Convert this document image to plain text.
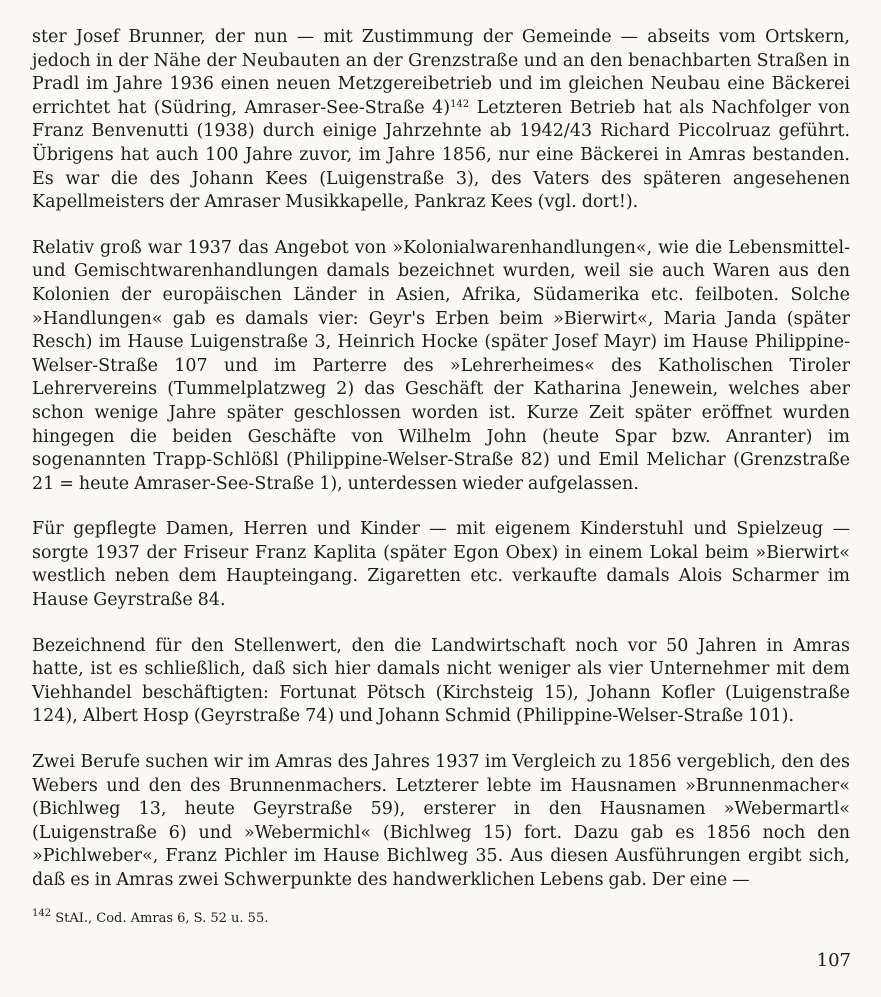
ster Josef Brunner, der nun — mit Zustimmung der Gemeinde — abseits vom Ortskern, jedoch in der Nähe der Neubauten an der Grenzstraße und an den benachbarten Straßen in Pradl im Jahre 1936 einen neuen Metzgereibetrieb und im gleichen Neubau eine Bäckerei errichtet hat (Südring, Amraser-See-Straße 4)$^{142}$ Letzteren Betrieb hat als Nachfolger von Franz Benvenutti (1938) durch einige Jahrzehnte ab 1942/43 Richard Piccolruaz geführt. Übrigens hat auch 100 Jahre zuvor, im Jahre 1856, nur eine Bäckerei in Amras bestanden. Es war die des Johann Kees (Luigenstraße 3), des Vaters des späteren angesehenen Kapellmeisters der Amraser Musikkapelle, Pankraz Kees (vgl. dort!).

Relativ groß war 1937 das Angebot von »Kolonialwarenhandlungen«, wie die Lebensmittel- und Gemischtwarenhandlungen damals bezeichnet wurden, weil sie auch Waren aus den Kolonien der europäischen Länder in Asien, Afrika, Südamerika etc. feilboten. Solche »Handlungen« gab es damals vier: Geyr's Erben beim »Bierwirt«, Maria Janda (später Resch) im Hause Luigenstraße 3, Heinrich Hocke (später Josef Mayr) im Hause Philippine-Welser-Straße 107 und im Parterre des »Lehrerheimes« des Katholischen Tiroler Lehrervereins (Tummelplatzweg 2) das Geschäft der Katharina Jenewein, welches aber schon wenige Jahre später geschlossen worden ist. Kurze Zeit später eröffnet wurden hingegen die beiden Geschäfte von Wilhelm John (heute Spar bzw. Anranter) im sogenannten Trapp-Schlößl (Philippine-Welser-Straße 82) und Emil Melichar (Grenzstraße 21 = heute Amraser-See-Straße 1), unterdessen wieder aufgelassen.

Für gepflegte Damen, Herren und Kinder — mit eigenem Kinderstuhl und Spielzeug — sorgte 1937 der Friseur Franz Kaplita (später Egon Obex) in einem Lokal beim »Bierwirt« westlich neben dem Haupteingang. Zigaretten etc. verkaufte damals Alois Scharmer im Hause Geyrstraße 84.

Bezeichnend für den Stellenwert, den die Landwirtschaft noch vor 50 Jahren in Amras hatte, ist es schließlich, daß sich hier damals nicht weniger als vier Unternehmer mit dem Viehhandel beschäftigten: Fortunat Pötsch (Kirchsteig 15), Johann Kofler (Luigenstraße 124), Albert Hosp (Geyrstraße 74) und Johann Schmid (Philippine-Welser-Straße 101).

Zwei Berufe suchen wir im Amras des Jahres 1937 im Vergleich zu 1856 vergeblich, den des Webers und den des Brunnenmachers. Letzterer lebte im Hausnamen »Brunnenmacher« (Bichlweg 13, heute Geyrstraße 59), ersterer in den Hausnamen »Webermartl« (Luigenstraße 6) und »Webermichl« (Bichlweg 15) fort. Dazu gab es 1856 noch den »Pichlweber«, Franz Pichler im Hause Bichlweg 35. Aus diesen Ausführungen ergibt sich, daß es in Amras zwei Schwerpunkte des handwerklichen Lebens gab. Der eine —

$^{142}$ StAI., Cod. Amras 6, S. 52 u. 55.
107
